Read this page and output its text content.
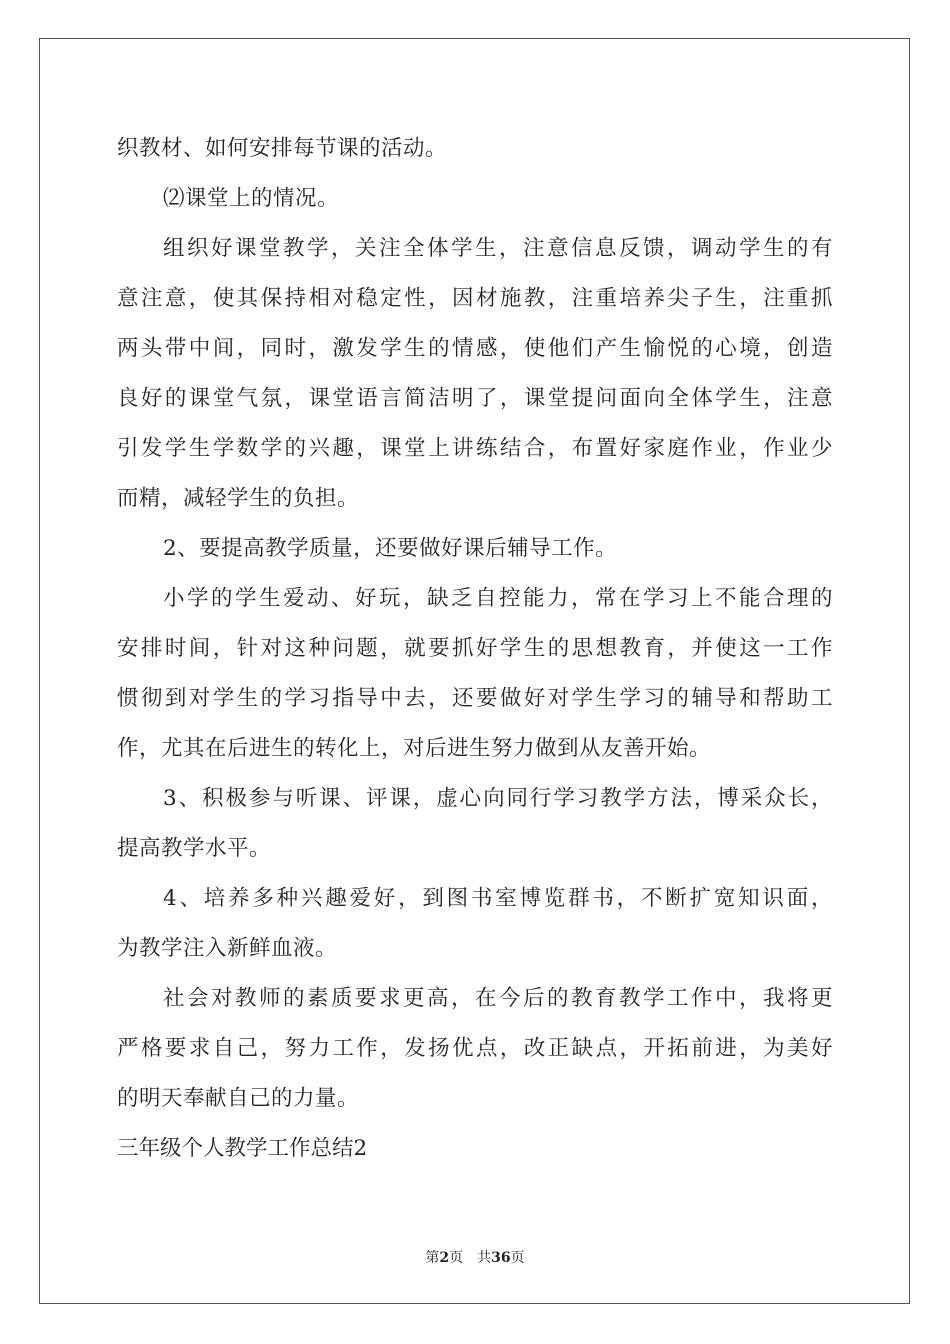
织教材、如何安排每节课的活动。
⑵课堂上的情况。
组织好课堂教学，关注全体学生，注意信息反馈，调动学生的有
意注意，使其保持相对稳定性，因材施教，注重培养尖子生，注重抓
两头带中间，同时，激发学生的情感，使他们产生愉悦的心境，创造
良好的课堂气氛，课堂语言简洁明了，课堂提问面向全体学生，注意
引发学生学数学的兴趣，课堂上讲练结合，布置好家庭作业，作业少
而精，减轻学生的负担。
2、要提高教学质量，还要做好课后辅导工作。
小学的学生爱动、好玩，缺乏自控能力，常在学习上不能合理的
安排时间，针对这种问题，就要抓好学生的思想教育，并使这一工作
惯彻到对学生的学习指导中去，还要做好对学生学习的辅导和帮助工
作，尤其在后进生的转化上，对后进生努力做到从友善开始。
3、积极参与听课、评课，虚心向同行学习教学方法，博采众长，
提高教学水平。
4、培养多种兴趣爱好，到图书室博览群书，不断扩宽知识面，
为教学注入新鲜血液。
社会对教师的素质要求更高，在今后的教育教学工作中，我将更
严格要求自己，努力工作，发扬优点，改正缺点，开拓前进，为美好
的明天奉献自己的力量。
三年级个人教学工作总结2
第2页　共36页
